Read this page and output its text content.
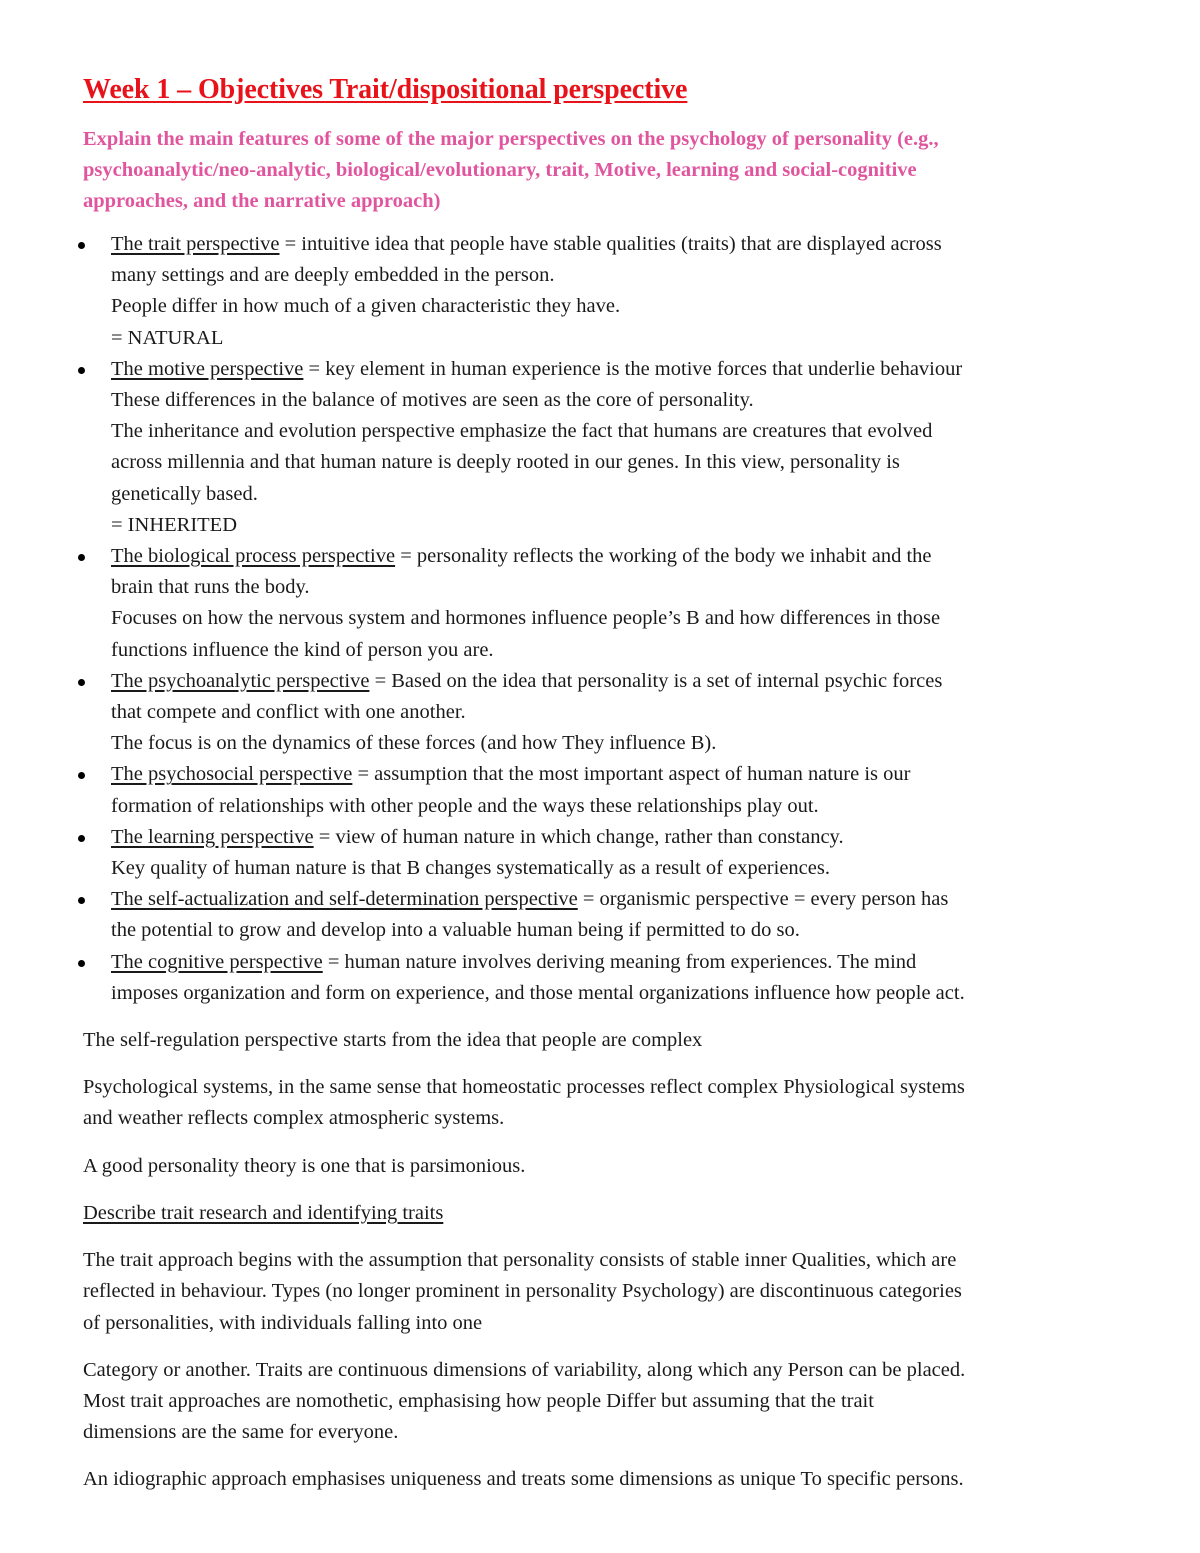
Week 1 – Objectives Trait/dispositional perspective
Explain the main features of some of the major perspectives on the psychology of personality (e.g.,
psychoanalytic/neo-analytic, biological/evolutionary, trait, Motive, learning and social-cognitive
approaches, and the narrative approach)
The trait perspective = intuitive idea that people have stable qualities (traits) that are displayed across
many settings and are deeply embedded in the person.
People differ in how much of a given characteristic they have.
= NATURAL
The motive perspective = key element in human experience is the motive forces that underlie behaviour
These differences in the balance of motives are seen as the core of personality.
The inheritance and evolution perspective emphasize the fact that humans are creatures that evolved
across millennia and that human nature is deeply rooted in our genes. In this view, personality is
genetically based.
= INHERITED
The biological process perspective = personality reflects the working of the body we inhabit and the
brain that runs the body.
Focuses on how the nervous system and hormones influence people’s B and how differences in those
functions influence the kind of person you are.
The psychoanalytic perspective = Based on the idea that personality is a set of internal psychic forces
that compete and conflict with one another.
The focus is on the dynamics of these forces (and how They influence B).
The psychosocial perspective = assumption that the most important aspect of human nature is our
formation of relationships with other people and the ways these relationships play out.
The learning perspective = view of human nature in which change, rather than constancy.
Key quality of human nature is that B changes systematically as a result of experiences.
The self-actualization and self-determination perspective = organismic perspective = every person has
the potential to grow and develop into a valuable human being if permitted to do so.
The cognitive perspective = human nature involves deriving meaning from experiences. The mind
imposes organization and form on experience, and those mental organizations influence how people act.

The self-regulation perspective starts from the idea that people are complex

Psychological systems, in the same sense that homeostatic processes reflect complex Physiological systems
and weather reflects complex atmospheric systems.

A good personality theory is one that is parsimonious.

Describe trait research and identifying traits

The trait approach begins with the assumption that personality consists of stable inner Qualities, which are
reflected in behaviour. Types (no longer prominent in personality Psychology) are discontinuous categories
of personalities, with individuals falling into one

Category or another. Traits are continuous dimensions of variability, along which any Person can be placed.
Most trait approaches are nomothetic, emphasising how people Differ but assuming that the trait
dimensions are the same for everyone.

An idiographic approach emphasises uniqueness and treats some dimensions as unique To specific persons.
